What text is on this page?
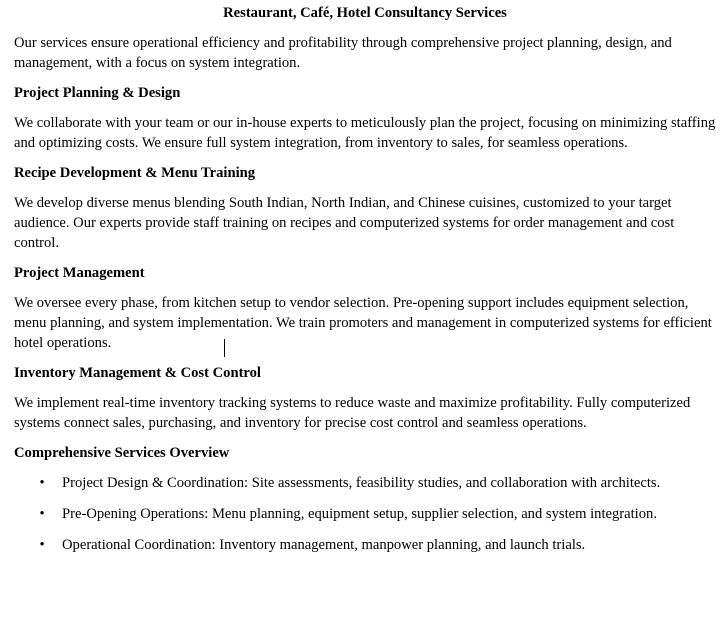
Restaurant, Café, Hotel Consultancy Services

Our services ensure operational efficiency and profitability through comprehensive project planning, design, and management, with a focus on system integration.

Project Planning & Design

We collaborate with your team or our in-house experts to meticulously plan the project, focusing on minimizing staffing and optimizing costs. We ensure full system integration, from inventory to sales, for seamless operations.

Recipe Development & Menu Training

We develop diverse menus blending South Indian, North Indian, and Chinese cuisines, customized to your target audience. Our experts provide staff training on recipes and computerized systems for order management and cost control.

Project Management

We oversee every phase, from kitchen setup to vendor selection. Pre-opening support includes equipment selection, menu planning, and system implementation. We train promoters and management in computerized systems for efficient hotel operations.

Inventory Management & Cost Control

We implement real-time inventory tracking systems to reduce waste and maximize profitability. Fully computerized systems connect sales, purchasing, and inventory for precise cost control and seamless operations.

Comprehensive Services Overview
• Project Design & Coordination: Site assessments, feasibility studies, and collaboration with architects.
• Pre-Opening Operations: Menu planning, equipment setup, supplier selection, and system integration.
• Operational Coordination: Inventory management, manpower planning, and launch trials.
